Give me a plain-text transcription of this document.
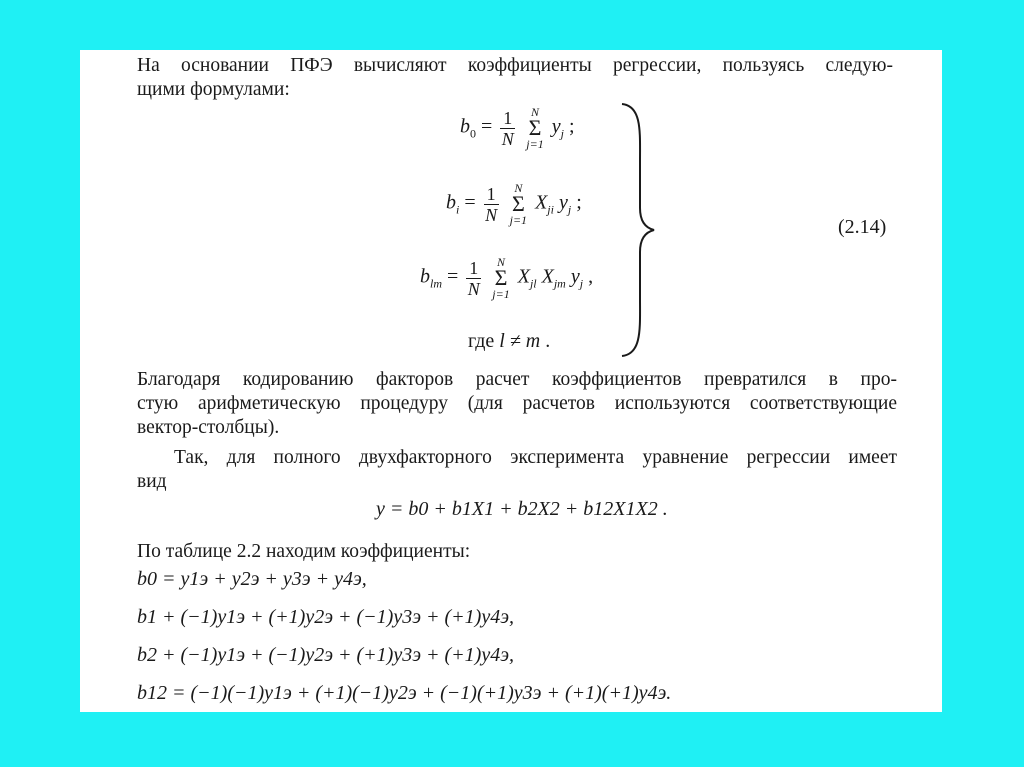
На основании ПФЭ вычисляют коэффициенты регрессии, пользуясь следую-
щими формулами:
$b_0 = \frac{1}{N}$
	N
Σ
j=1
$y_j$ ;
$b_i = \frac{1}{N}$
	N
Σ
j=1
$X_{ji}$ $y_j$ ;
$b_{lm} = \frac{1}{N}$
	N
Σ
j=1
$X_{jl}$ $X_{jm}$ $y_j$ ,
где l ≠ m .
(2.14)
Благодаря кодированию факторов расчет коэффициентов превратился в про-
стую арифметическую процедуру (для расчетов используются соответствующие
вектор-столбцы).
Так, для полного двухфакторного эксперимента уравнение регрессии имеет
вид
y = b0 + b1X1 + b2X2 + b12X1X2 .
По таблице 2.2 находим коэффициенты:
b0 = y1э + y2э + y3э + y4э,
b1 + (−1)y1э + (+1)y2э + (−1)y3э + (+1)y4э,
b2 + (−1)y1э + (−1)y2э + (+1)y3э + (+1)y4э,
b12 = (−1)(−1)y1э + (+1)(−1)y2э + (−1)(+1)y3э + (+1)(+1)y4э.
